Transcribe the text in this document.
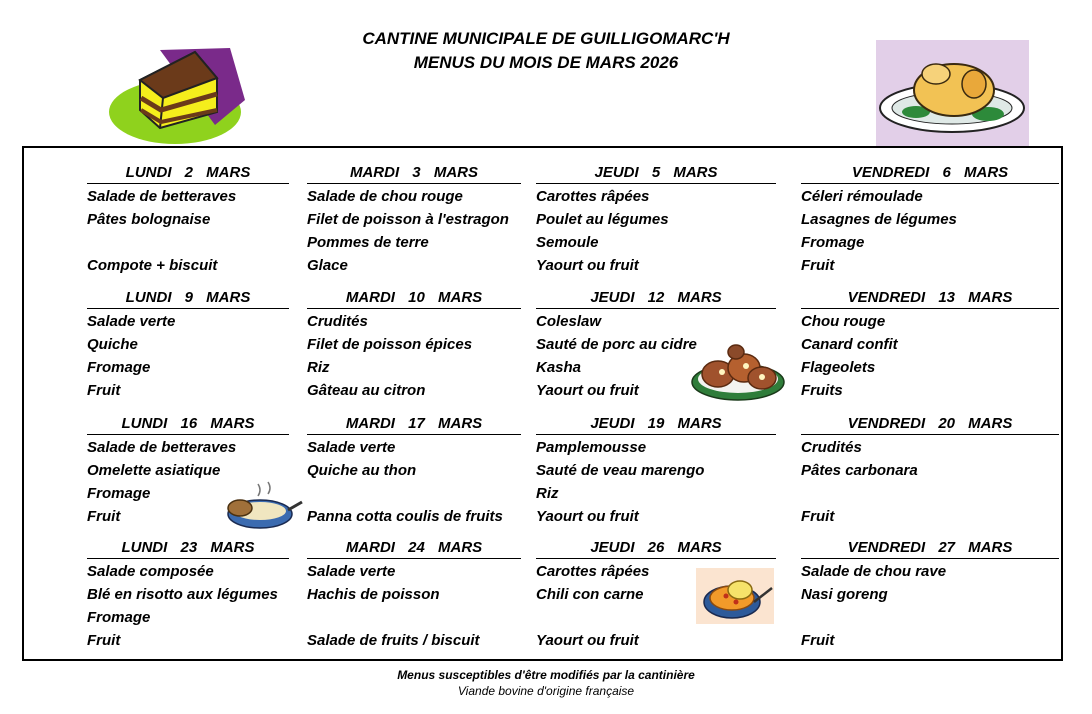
CANTINE MUNICIPALE DE GUILLIGOMARC'H
MENUS DU MOIS DE MARS 2026
LUNDI 2 MARS
Salade de betteraves
Pâtes bolognaise
Compote + biscuit
MARDI 3 MARS
Salade de chou rouge
Filet de poisson à l'estragon
Pommes de terre
Glace
JEUDI 5 MARS
Carottes râpées
Poulet au légumes
Semoule
Yaourt ou fruit
VENDREDI 6 MARS
Céleri rémoulade
Lasagnes de légumes
Fromage
Fruit
LUNDI 9 MARS
Salade verte
Quiche
Fromage
Fruit
MARDI 10 MARS
Crudités
Filet de poisson épices
Riz
Gâteau au citron
JEUDI 12 MARS
Coleslaw
Sauté de porc au cidre
Kasha
Yaourt ou fruit
VENDREDI 13 MARS
Chou rouge
Canard confit
Flageolets
Fruits
LUNDI 16 MARS
Salade de betteraves
Omelette asiatique
Fromage
Fruit
MARDI 17 MARS
Salade verte
Quiche au thon
Panna cotta coulis de fruits
JEUDI 19 MARS
Pamplemousse
Sauté de veau marengo
Riz
Yaourt ou fruit
VENDREDI 20 MARS
Crudités
Pâtes carbonara
Fruit
LUNDI 23 MARS
Salade composée
Blé en risotto aux légumes
Fromage
Fruit
MARDI 24 MARS
Salade verte
Hachis de poisson
Salade de fruits / biscuit
JEUDI 26 MARS
Carottes râpées
Chili con carne
Yaourt ou fruit
VENDREDI 27 MARS
Salade de chou rave
Nasi goreng
Fruit
Menus susceptibles d'être modifiés par la cantinière
Viande bovine d'origine française
